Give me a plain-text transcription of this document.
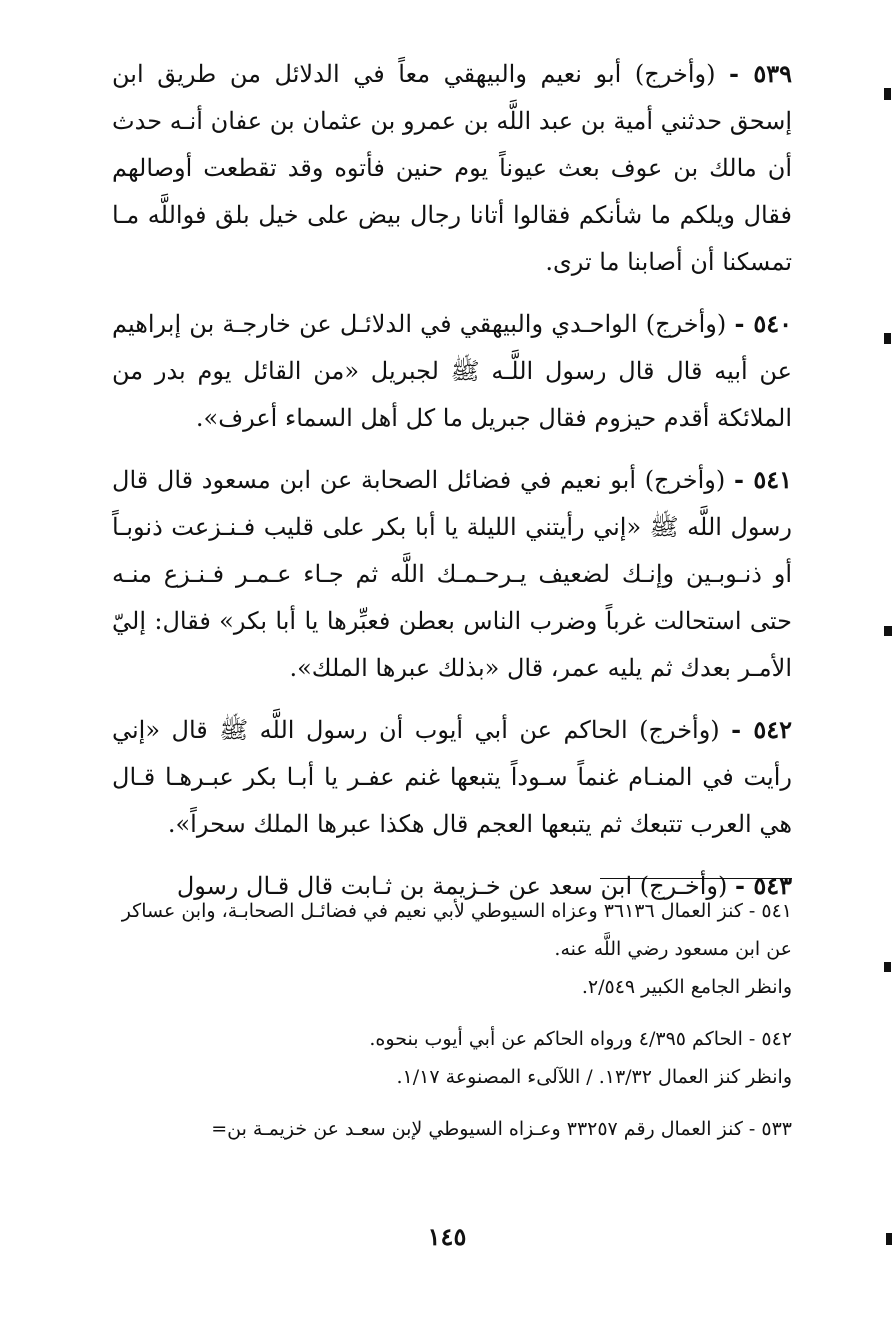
٥٣٩ - (وأخرج) أبو نعيم والبيهقي معاً في الدلائل من طريق ابن إسحق حدثني أمية بن عبد اللَّه بن عمرو بن عثمان بن عفان أنـه حدث أن مالك بن عوف بعث عيوناً يوم حنين فأتوه وقد تقطعت أوصالهم فقال ويلكم ما شأنكم فقالوا أتانا رجال بيض على خيل بلق فواللَّه مـا تمسكنا أن أصابنا ما ترى.

٥٤٠ - (وأخرج) الواحـدي والبيهقي في الدلائـل عن خارجـة بن إبراهيم عن أبيه قال قال رسول اللَّـه ﷺ لجبريل «من القائل يوم بدر من الملائكة أقدم حيزوم فقال جبريل ما كل أهل السماء أعرف».

٥٤١ - (وأخرج) أبو نعيم في فضائل الصحابة عن ابن مسعود قال قال رسول اللَّه ﷺ «إني رأيتني الليلة يا أبا بكر على قليب فـنـزعت ذنوبـاً أو ذنـوبـين وإنـك لضعيف يـرحـمـك اللَّه ثم جـاء عـمـر فـنـزع منـه حتى استحالت غرباً وضرب الناس بعطن فعبِّرها يا أبا بكر» فقال: إليّ الأمـر بعدك ثم يليه عمر، قال «بذلك عبرها الملك».

٥٤٢ - (وأخرج) الحاكم عن أبي أيوب أن رسول اللَّه ﷺ قال «إني رأيت في المنـام غنماً سـوداً يتبعها غنم عفـر يا أبـا بكر عبـرهـا قـال هي العرب تتبعك ثم يتبعها العجم قال هكذا عبرها الملك سحراً».

٥٤٣ - (وأخـرج) ابن سعد عن خـزيمة بن ثـابت قال قـال رسول

٥٤١ - كنز العمال ٣٦١٣٦ وعزاه السيوطي لأبي نعيم في فضائـل الصحابـة، وابن عساكر عن ابن مسعود رضي اللَّه عنه.

وانظر الجامع الكبير ٢/٥٤٩.

٥٤٢ - الحاكم ٤/٣٩٥ ورواه الحاكم عن أبي أيوب بنحوه.

وانظر كنز العمال ١٣/٣٢. / اللآلىء المصنوعة ١/١٧.

٥٣٣ - كنز العمال رقم ٣٣٢٥٧ وعـزاه السيوطي لإبن سعـد عن خزيمـة بن=

١٤٥
